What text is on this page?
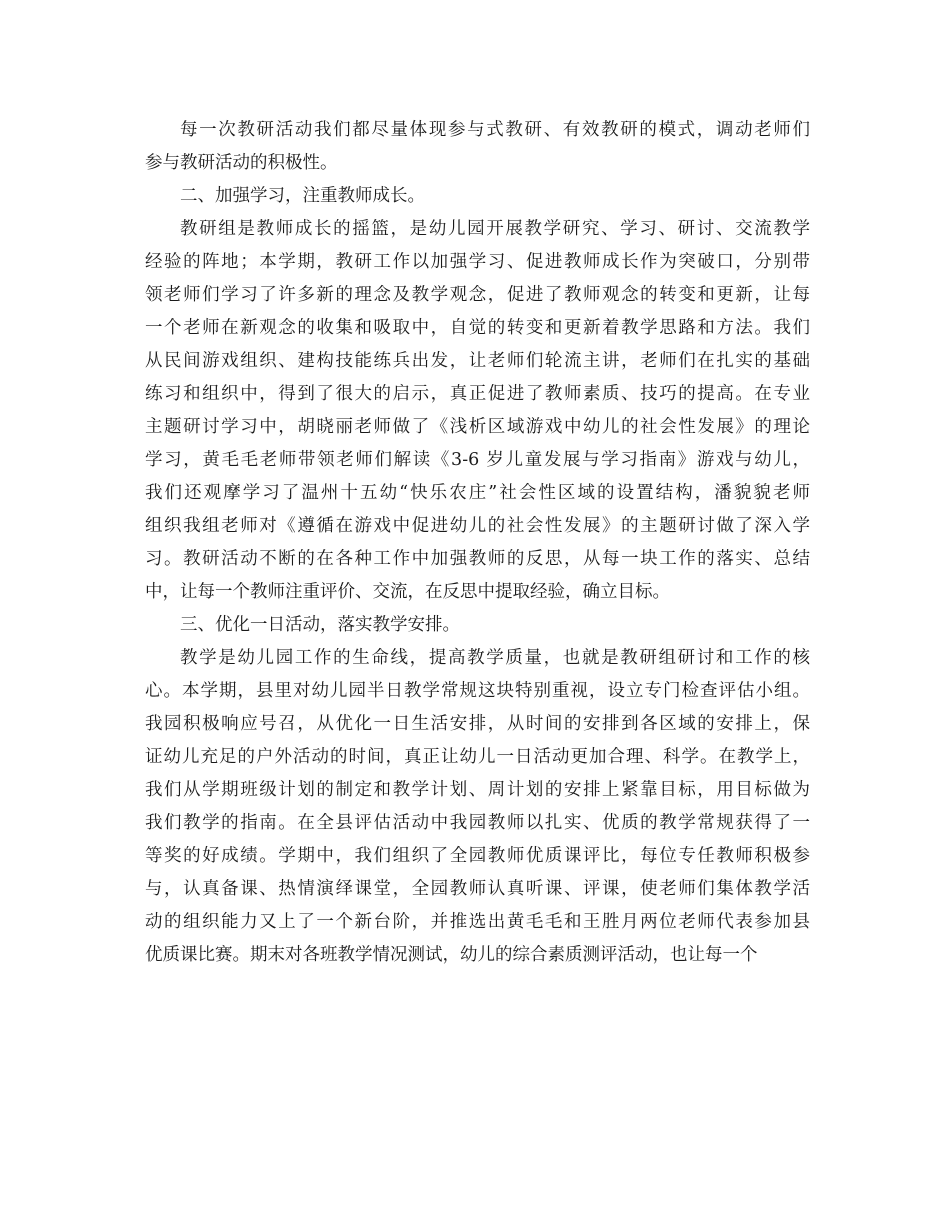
每一次教研活动我们都尽量体现参与式教研、有效教研的模式，调动老师们
参与教研活动的积极性。
二、加强学习，注重教师成长。
教研组是教师成长的摇篮，是幼儿园开展教学研究、学习、研讨、交流教学
经验的阵地；本学期，教研工作以加强学习、促进教师成长作为突破口，分别带
领老师们学习了许多新的理念及教学观念，促进了教师观念的转变和更新，让每
一个老师在新观念的收集和吸取中，自觉的转变和更新着教学思路和方法。我们
从民间游戏组织、建构技能练兵出发，让老师们轮流主讲，老师们在扎实的基础
练习和组织中，得到了很大的启示，真正促进了教师素质、技巧的提高。在专业
主题研讨学习中，胡晓丽老师做了《浅析区域游戏中幼儿的社会性发展》的理论
学习，黄毛毛老师带领老师们解读《3-6 岁儿童发展与学习指南》游戏与幼儿，
我们还观摩学习了温州十五幼“快乐农庄”社会性区域的设置结构，潘貌貌老师
组织我组老师对《遵循在游戏中促进幼儿的社会性发展》的主题研讨做了深入学
习。教研活动不断的在各种工作中加强教师的反思，从每一块工作的落实、总结
中，让每一个教师注重评价、交流，在反思中提取经验，确立目标。
三、优化一日活动，落实教学安排。
教学是幼儿园工作的生命线，提高教学质量，也就是教研组研讨和工作的核
心。本学期，县里对幼儿园半日教学常规这块特别重视，设立专门检查评估小组。
我园积极响应号召，从优化一日生活安排，从时间的安排到各区域的安排上，保
证幼儿充足的户外活动的时间，真正让幼儿一日活动更加合理、科学。在教学上，
我们从学期班级计划的制定和教学计划、周计划的安排上紧靠目标，用目标做为
我们教学的指南。在全县评估活动中我园教师以扎实、优质的教学常规获得了一
等奖的好成绩。学期中，我们组织了全园教师优质课评比，每位专任教师积极参
与，认真备课、热情演绎课堂，全园教师认真听课、评课，使老师们集体教学活
动的组织能力又上了一个新台阶，并推选出黄毛毛和王胜月两位老师代表参加县
优质课比赛。期末对各班教学情况测试，幼儿的综合素质测评活动，也让每一个
